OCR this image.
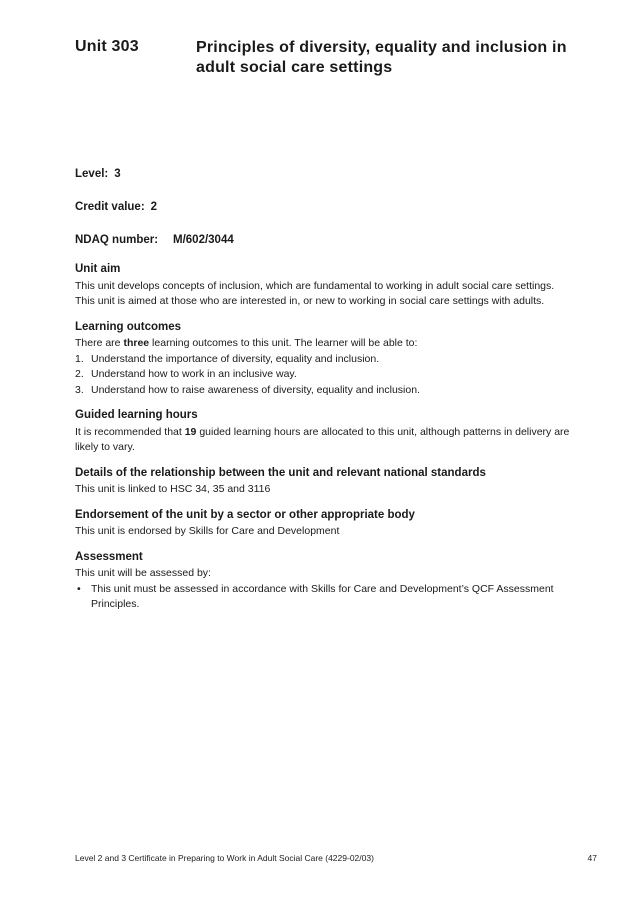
Unit 303	Principles of diversity, equality and inclusion in adult social care settings
Level: 3
Credit value: 2
NDAQ number: M/602/3044
Unit aim

This unit develops concepts of inclusion, which are fundamental to working in adult social care settings. This unit is aimed at those who are interested in, or new to working in social care settings with adults.

Learning outcomes

There are three learning outcomes to this unit. The learner will be able to:

1. Understand the importance of diversity, equality and inclusion.
2. Understand how to work in an inclusive way.
3. Understand how to raise awareness of diversity, equality and inclusion.
Guided learning hours

It is recommended that 19 guided learning hours are allocated to this unit, although patterns in delivery are likely to vary.

Details of the relationship between the unit and relevant national standards

This unit is linked to HSC 34, 35 and 3116

Endorsement of the unit by a sector or other appropriate body

This unit is endorsed by Skills for Care and Development

Assessment

This unit will be assessed by:

• This unit must be assessed in accordance with Skills for Care and Development’s QCF Assessment Principles.
Level 2 and 3 Certificate in Preparing to Work in Adult Social Care (4229-02/03)	47
